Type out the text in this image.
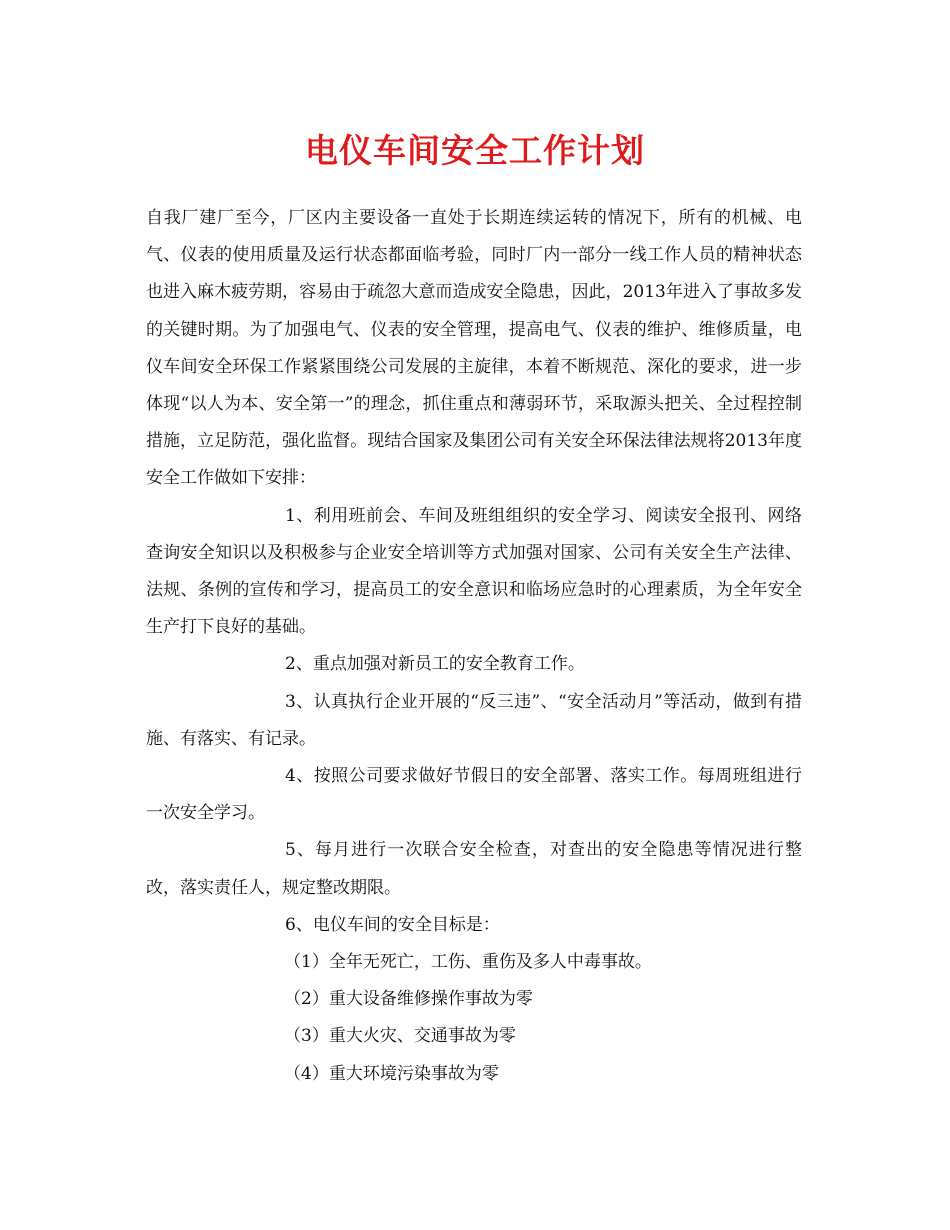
电仪车间安全工作计划

自我厂建厂至今，厂区内主要设备一直处于长期连续运转的情况下，所有的机械、电气、仪表的使用质量及运行状态都面临考验，同时厂内一部分一线工作人员的精神状态也进入麻木疲劳期，容易由于疏忽大意而造成安全隐患，因此，2013年进入了事故多发的关键时期。为了加强电气、仪表的安全管理，提高电气、仪表的维护、维修质量，电仪车间安全环保工作紧紧围绕公司发展的主旋律，本着不断规范、深化的要求，进一步体现“以人为本、安全第一”的理念，抓住重点和薄弱环节，采取源头把关、全过程控制措施，立足防范，强化监督。现结合国家及集团公司有关安全环保法律法规将2013年度安全工作做如下安排：

1、利用班前会、车间及班组组织的安全学习、阅读安全报刊、网络查询安全知识以及积极参与企业安全培训等方式加强对国家、公司有关安全生产法律、法规、条例的宣传和学习，提高员工的安全意识和临场应急时的心理素质，为全年安全生产打下良好的基础。

2、重点加强对新员工的安全教育工作。

3、认真执行企业开展的“反三违”、“安全活动月”等活动，做到有措施、有落实、有记录。

4、按照公司要求做好节假日的安全部署、落实工作。每周班组进行一次安全学习。

5、每月进行一次联合安全检查，对查出的安全隐患等情况进行整改，落实责任人，规定整改期限。

6、电仪车间的安全目标是：

（1）全年无死亡，工伤、重伤及多人中毒事故。

（2）重大设备维修操作事故为零

（3）重大火灾、交通事故为零

（4）重大环境污染事故为零
